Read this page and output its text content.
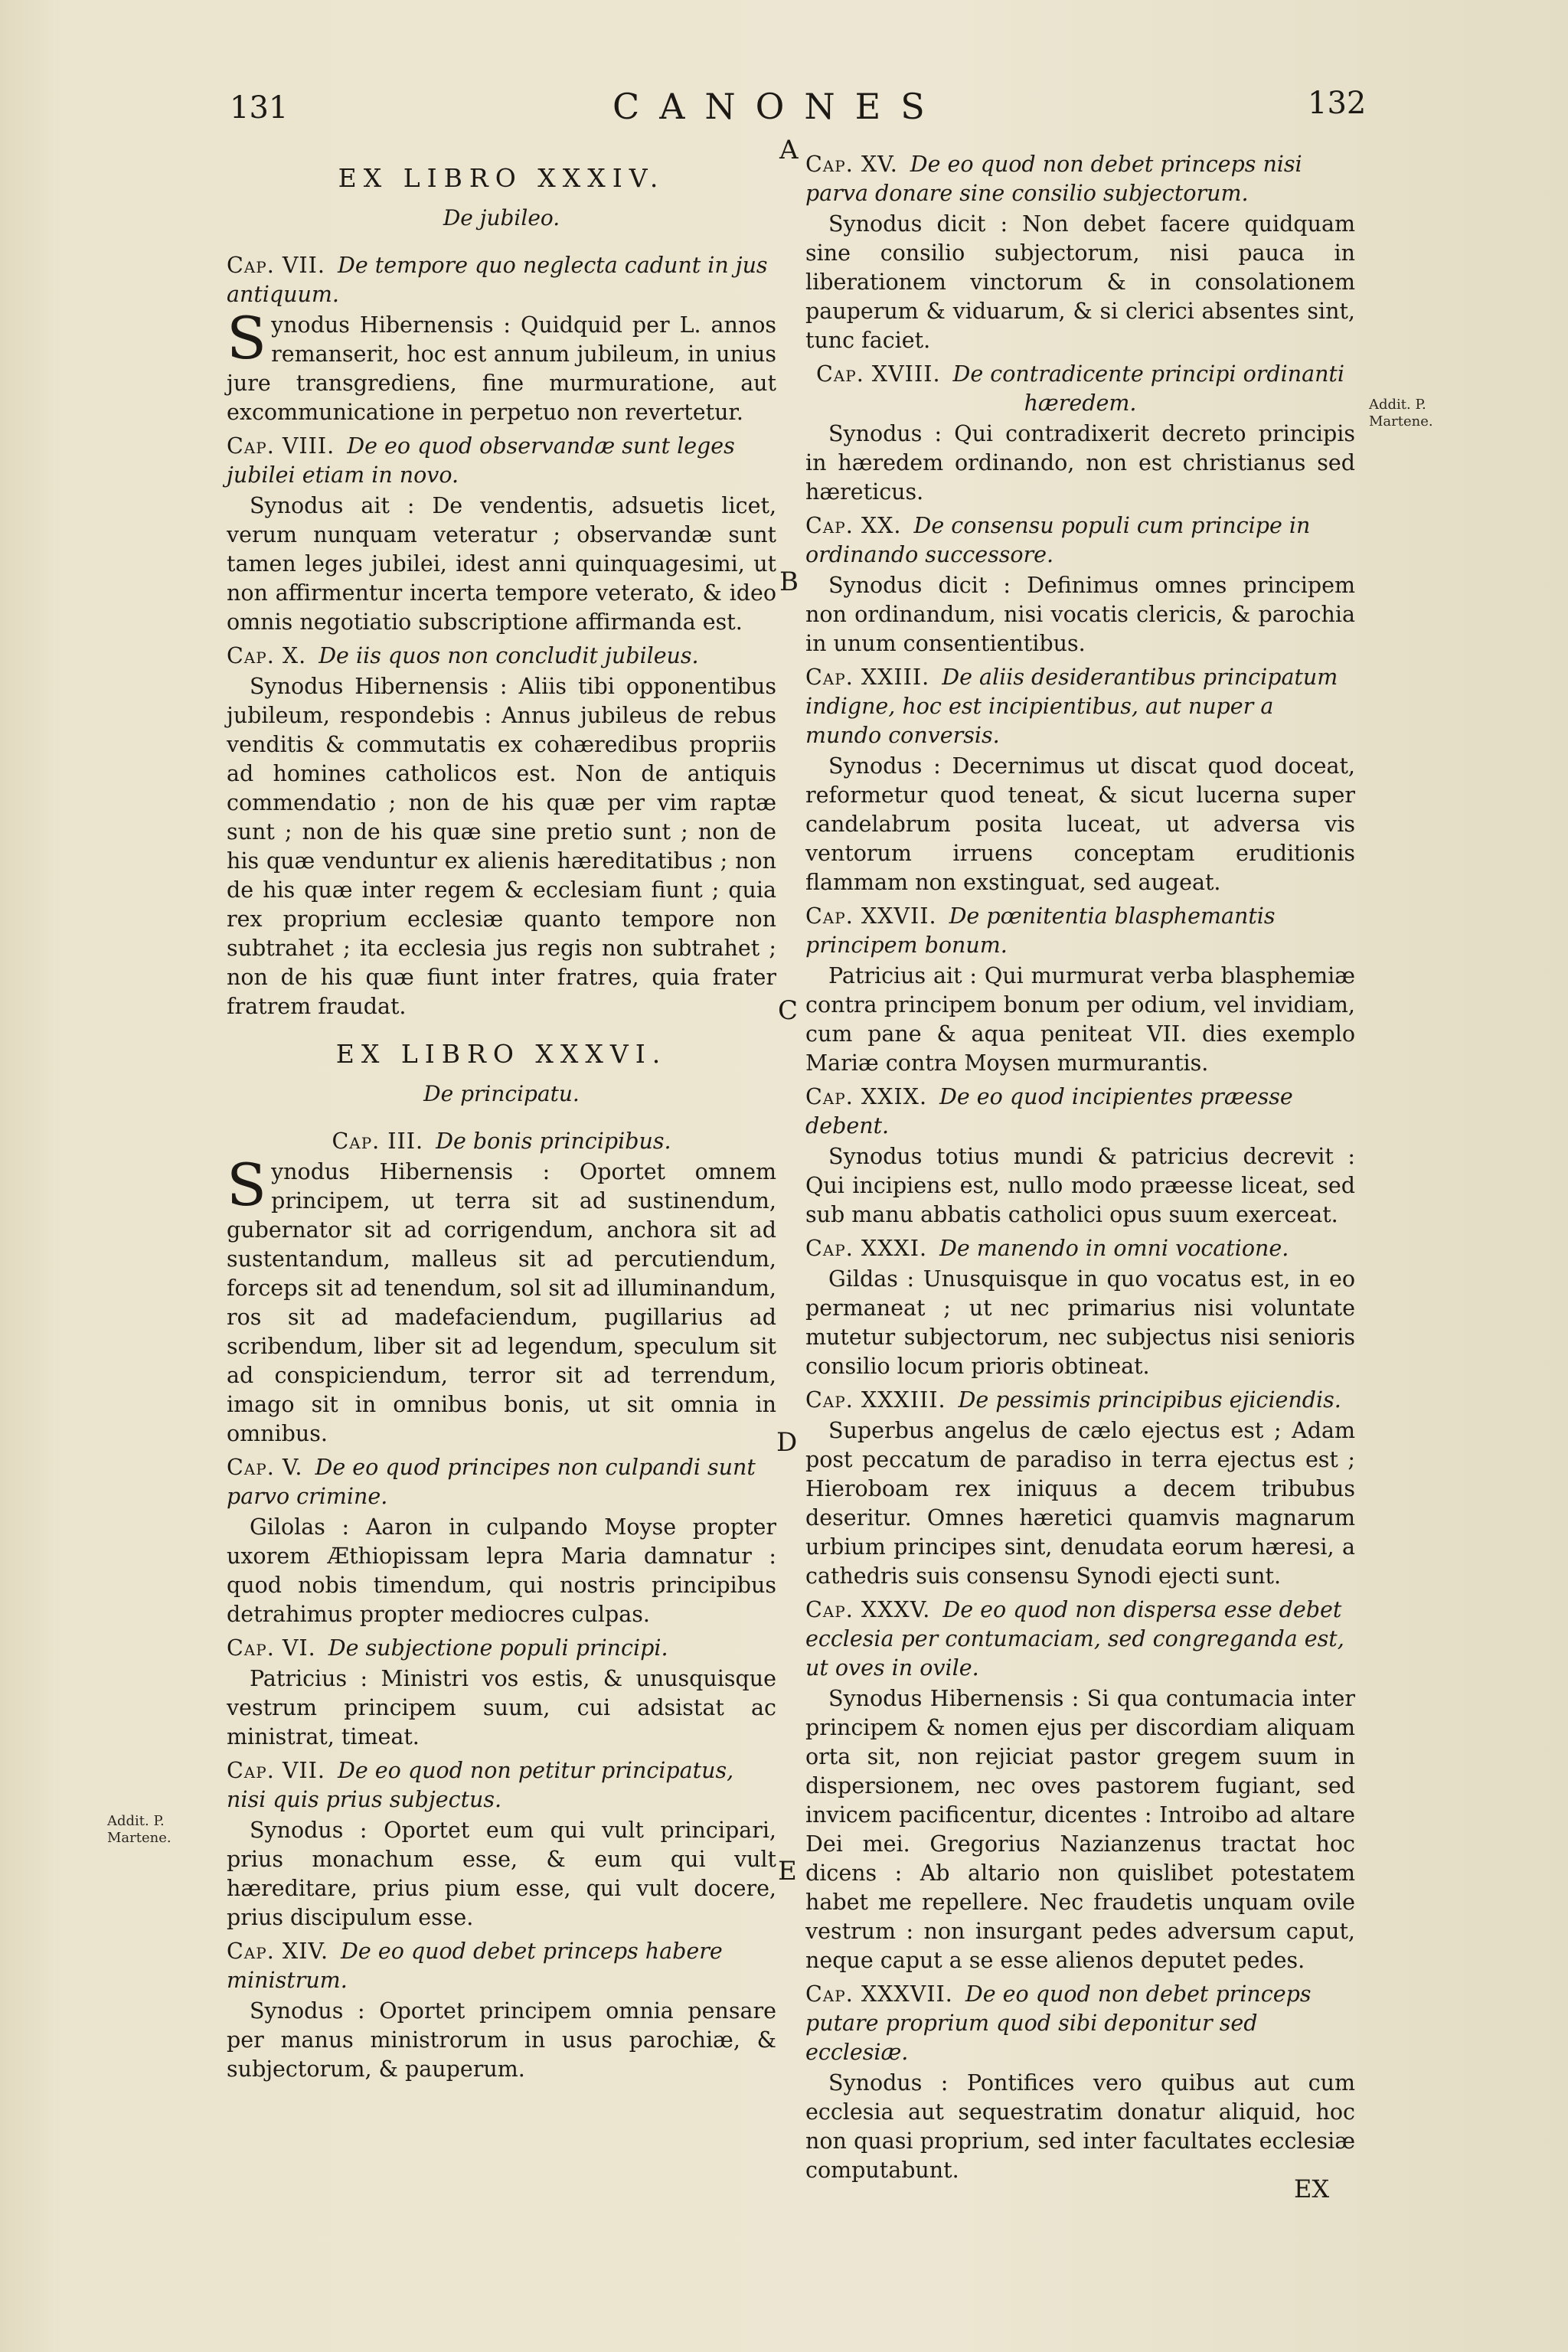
131	CANONES	132
EX LIBRO XXXIV.
De jubileo.
Cap. VII. De tempore quo neglecta cadunt in jus antiquum.

Synodus Hibernensis : Quidquid per L. annos remanserit, hoc est annum jubileum, in unius jure transgrediens, fine murmuratione, aut excommunicatione in perpetuo non revertetur.

Cap. VIII. De eo quod observandæ sunt leges jubilei etiam in novo.

Synodus ait : De vendentis, adsuetis licet, verum nunquam veteratur ; observandæ sunt tamen leges jubilei, idest anni quinquagesimi, ut non affirmentur incerta tempore veterato, & ideo omnis negotiatio subscriptione affirmanda est.

Cap. X. De iis quos non concludit jubileus.

Synodus Hibernensis : Aliis tibi opponentibus jubileum, respondebis : Annus jubileus de rebus venditis & commutatis ex cohæredibus propriis ad homines catholicos est. Non de antiquis commendatio ; non de his quæ per vim raptæ sunt ; non de his quæ sine pretio sunt ; non de his quæ venduntur ex alienis hæreditatibus ; non de his quæ inter regem & ecclesiam fiunt ; quia rex proprium ecclesiæ quanto tempore non subtrahet ; ita ecclesia jus regis non subtrahet ; non de his quæ fiunt inter fratres, quia frater fratrem fraudat.

EX LIBRO XXXVI.
De principatu.
Cap. III. De bonis principibus.

Synodus Hibernensis : Oportet omnem principem, ut terra sit ad sustinendum, gubernator sit ad corrigendum, anchora sit ad sustentandum, malleus sit ad percutiendum, forceps sit ad tenendum, sol sit ad illuminandum, ros sit ad madefaciendum, pugillarius ad scribendum, liber sit ad legendum, speculum sit ad conspiciendum, terror sit ad terrendum, imago sit in omnibus bonis, ut sit omnia in omnibus.

Cap. V. De eo quod principes non culpandi sunt parvo crimine.

Gilolas : Aaron in culpando Moyse propter uxorem Æthiopissam lepra Maria damnatur : quod nobis timendum, qui nostris principibus detrahimus propter mediocres culpas.

Cap. VI. De subjectione populi principi.

Patricius : Ministri vos estis, & unusquisque vestrum principem suum, cui adsistat ac ministrat, timeat.

Cap. VII. De eo quod non petitur principatus, nisi quis prius subjectus.

Synodus : Oportet eum qui vult principari, prius monachum esse, & eum qui vult hæreditare, prius pium esse, qui vult docere, prius discipulum esse.

Cap. XIV. De eo quod debet princeps habere ministrum.

Synodus : Oportet principem omnia pensare per manus ministrorum in usus parochiæ, & subjectorum, & pauperum.

Cap. XV. De eo quod non debet princeps nisi parva donare sine consilio subjectorum.

Synodus dicit : Non debet facere quidquam sine consilio subjectorum, nisi pauca in liberationem vinctorum & in consolationem pauperum & viduarum, & si clerici absentes sint, tunc faciet.

Cap. XVIII. De contradicente principi ordinanti hæredem.

Synodus : Qui contradixerit decreto principis in hæredem ordinando, non est christianus sed hæreticus.

Cap. XX. De consensu populi cum principe in ordinando successore.

Synodus dicit : Definimus omnes principem non ordinandum, nisi vocatis clericis, & parochia in unum consentientibus.

Cap. XXIII. De aliis desiderantibus principatum indigne, hoc est incipientibus, aut nuper a mundo conversis.

Synodus : Decernimus ut discat quod doceat, reformetur quod teneat, & sicut lucerna super candelabrum posita luceat, ut adversa vis ventorum irruens conceptam eruditionis flammam non exstinguat, sed augeat.

Cap. XXVII. De pœnitentia blasphemantis principem bonum.

Patricius ait : Qui murmurat verba blasphemiæ contra principem bonum per odium, vel invidiam, cum pane & aqua peniteat VII. dies exemplo Mariæ contra Moysen murmurantis.

Cap. XXIX. De eo quod incipientes præesse debent.

Synodus totius mundi & patricius decrevit : Qui incipiens est, nullo modo præesse liceat, sed sub manu abbatis catholici opus suum exerceat.

Cap. XXXI. De manendo in omni vocatione.

Gildas : Unusquisque in quo vocatus est, in eo permaneat ; ut nec primarius nisi voluntate mutetur subjectorum, nec subjectus nisi senioris consilio locum prioris obtineat.

Cap. XXXIII. De pessimis principibus ejiciendis.

Superbus angelus de cælo ejectus est ; Adam post peccatum de paradiso in terra ejectus est ; Hieroboam rex iniquus a decem tribubus deseritur. Omnes hæretici quamvis magnarum urbium principes sint, denudata eorum hæresi, a cathedris suis consensu Synodi ejecti sunt.

Cap. XXXV. De eo quod non dispersa esse debet ecclesia per contumaciam, sed congreganda est, ut oves in ovile.

Synodus Hibernensis : Si qua contumacia inter principem & nomen ejus per discordiam aliquam orta sit, non rejiciat pastor gregem suum in dispersionem, nec oves pastorem fugiant, sed invicem pacificentur, dicentes : Introibo ad altare Dei mei. Gregorius Nazianzenus tractat hoc dicens : Ab altario non quislibet potestatem habet me repellere. Nec fraudetis unquam ovile vestrum : non insurgant pedes adversum caput, neque caput a se esse alienos deputet pedes.

Cap. XXXVII. De eo quod non debet princeps putare proprium quod sibi deponitur sed ecclesiæ.

Synodus : Pontifices vero quibus aut cum ecclesia aut sequestratim donatur aliquid, hoc non quasi proprium, sed inter facultates ecclesiæ computabunt.

A
B
C
D
E
Addit. P. Martene.
Addit. P. Martene.
EX
